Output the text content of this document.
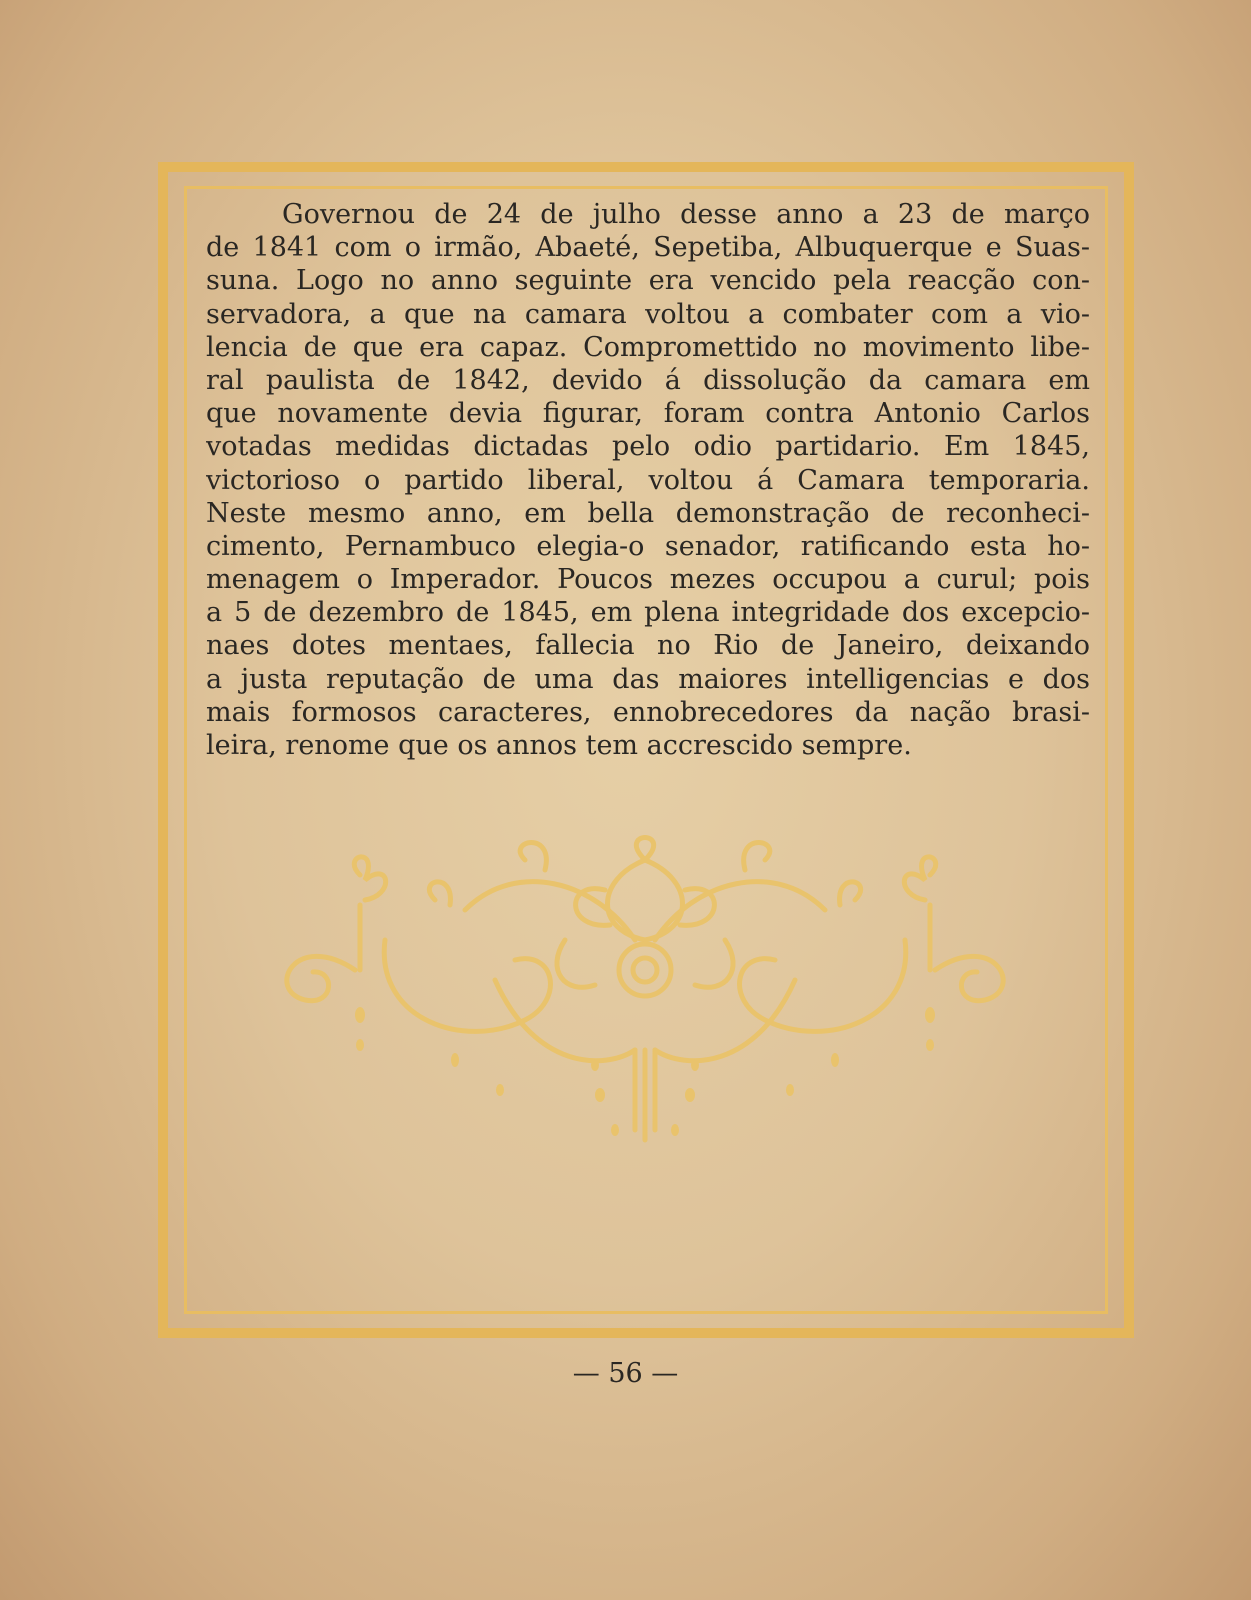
Governou de 24 de julho desse anno a 23 de março
de 1841 com o irmão, Abaeté, Sepetiba, Albuquerque e Suas-
suna. Logo no anno seguinte era vencido pela reacção con-
servadora, a que na camara voltou a combater com a vio-
lencia de que era capaz. Compromettido no movimento libe-
ral paulista de 1842, devido á dissolução da camara em
que novamente devia figurar, foram contra Antonio Carlos
votadas medidas dictadas pelo odio partidario. Em 1845,
victorioso o partido liberal, voltou á Camara temporaria.
Neste mesmo anno, em bella demonstração de reconheci-
cimento, Pernambuco elegia-o senador, ratificando esta ho-
menagem o Imperador. Poucos mezes occupou a curul; pois
a 5 de dezembro de 1845, em plena integridade dos excepcio-
naes dotes mentaes, fallecia no Rio de Janeiro, deixando
a justa reputação de uma das maiores intelligencias e dos
mais formosos caracteres, ennobrecedores da nação brasi-
leira, renome que os annos tem accrescido sempre.
— 56 —
